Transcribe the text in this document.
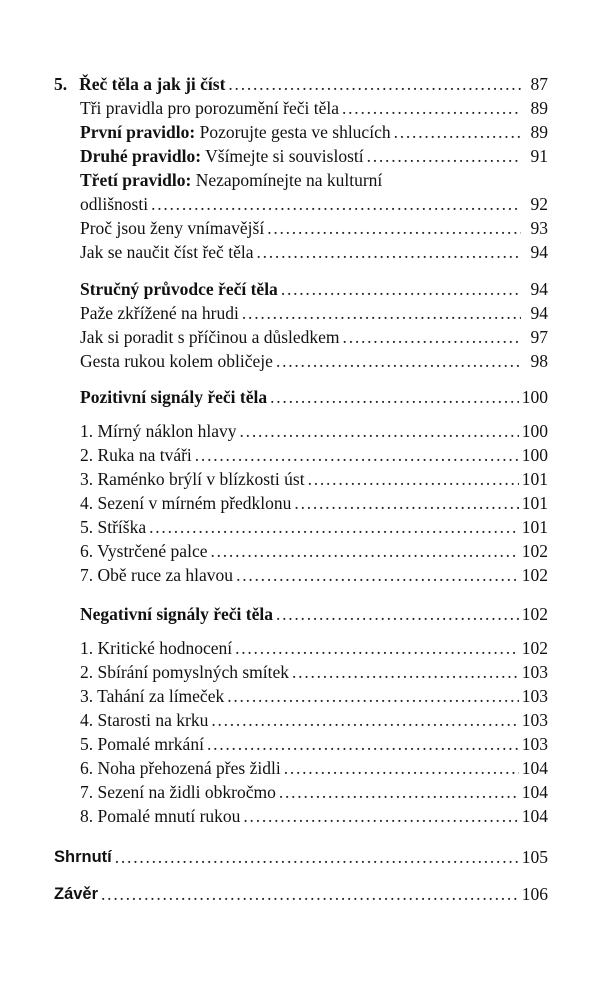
5. Řeč těla a jak ji číst . . .	87
Tři pravidla pro porozumění řeči těla . . .	89
První pravidlo: Pozorujte gesta ve shlucích . . .	89
Druhé pravidlo: Všímejte si souvislostí . . .	91
Třetí pravidlo: Nezapomínejte na kulturní
odlišnosti . . .	92
Proč jsou ženy vnímavější . . .	93
Jak se naučit číst řeč těla . . .	94
Stručný průvodce řečí těla . . .	94
Paže zkřížené na hrudi . . .	94
Jak si poradit s příčinou a důsledkem . . .	97
Gesta rukou kolem obličeje . . .	98
Pozitivní signály řeči těla . . .	100
1. Mírný náklon hlavy . . .	100
2. Ruka na tváři . . .	100
3. Raménko brýlí v blízkosti úst . . .	101
4. Sezení v mírném předklonu . . .	101
5. Stříška . . .	101
6. Vystrčené palce . . .	102
7. Obě ruce za hlavou . . .	102
Negativní signály řeči těla . . .	102
1. Kritické hodnocení . . .	102
2. Sbírání pomyslných smítek . . .	103
3. Tahání za límeček . . .	103
4. Starosti na krku . . .	103
5. Pomalé mrkání . . .	103
6. Noha přehozená přes židli . . .	104
7. Sezení na židli obkročmo . . .	104
8. Pomalé mnutí rukou . . .	104
Shrnutí . . .	105
Závěr . . .	106
